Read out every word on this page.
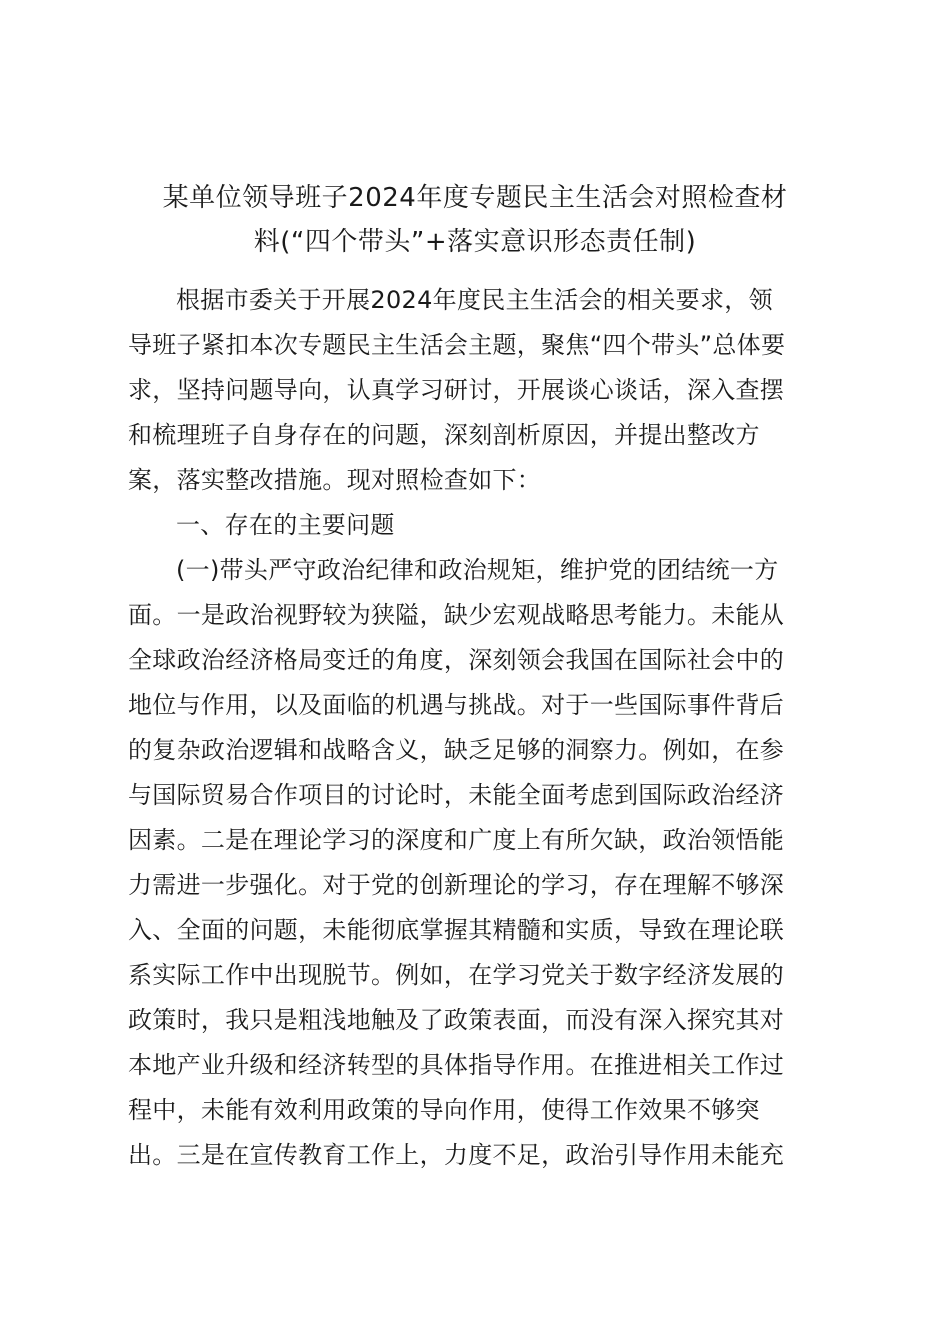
某单位领导班子2024年度专题民主生活会对照检查材
料(“四个带头”+落实意识形态责任制)
根据市委关于开展2024年度民主生活会的相关要求，领
导班子紧扣本次专题民主生活会主题，聚焦“四个带头”总体要
求，坚持问题导向，认真学习研讨，开展谈心谈话，深入查摆
和梳理班子自身存在的问题，深刻剖析原因，并提出整改方
案，落实整改措施。现对照检查如下：
一、存在的主要问题
(一)带头严守政治纪律和政治规矩，维护党的团结统一方
面。一是政治视野较为狭隘，缺少宏观战略思考能力。未能从
全球政治经济格局变迁的角度，深刻领会我国在国际社会中的
地位与作用，以及面临的机遇与挑战。对于一些国际事件背后
的复杂政治逻辑和战略含义，缺乏足够的洞察力。例如，在参
与国际贸易合作项目的讨论时，未能全面考虑到国际政治经济
因素。二是在理论学习的深度和广度上有所欠缺，政治领悟能
力需进一步强化。对于党的创新理论的学习，存在理解不够深
入、全面的问题，未能彻底掌握其精髓和实质，导致在理论联
系实际工作中出现脱节。例如，在学习党关于数字经济发展的
政策时，我只是粗浅地触及了政策表面，而没有深入探究其对
本地产业升级和经济转型的具体指导作用。在推进相关工作过
程中，未能有效利用政策的导向作用，使得工作效果不够突
出。三是在宣传教育工作上，力度不足，政治引导作用未能充
